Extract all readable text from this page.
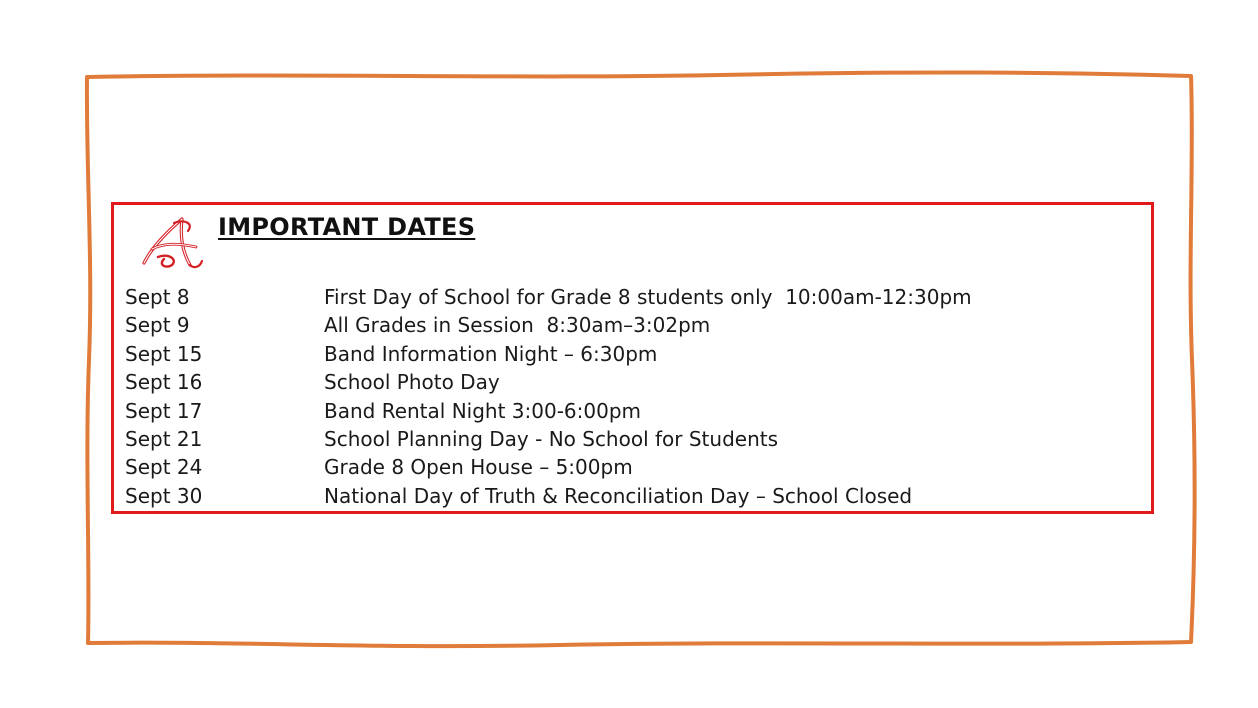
IMPORTANT DATES
Sept 8	First Day of School for Grade 8 students only  10:00am-12:30pm
Sept 9	All Grades in Session  8:30am–3:02pm
Sept 15	Band Information Night – 6:30pm
Sept 16	School Photo Day
Sept 17	Band Rental Night 3:00-6:00pm
Sept 21	School Planning Day - No School for Students
Sept 24	Grade 8 Open House – 5:00pm
Sept 30	National Day of Truth & Reconciliation Day – School Closed
